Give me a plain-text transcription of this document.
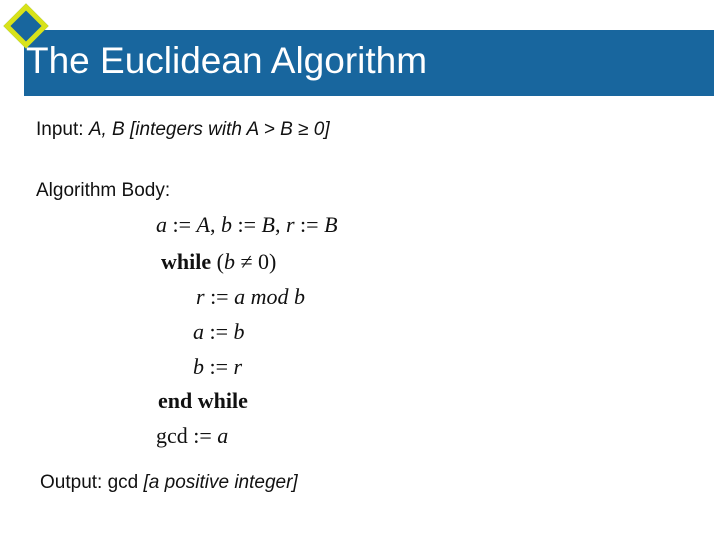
The Euclidean Algorithm
Input: A, B [integers with A > B ≥ 0]
Algorithm Body:
a := A, b := B, r := B
while (b ≠ 0)
r := a mod b
a := b
b := r
end while
gcd := a
Output: gcd [a positive integer]
